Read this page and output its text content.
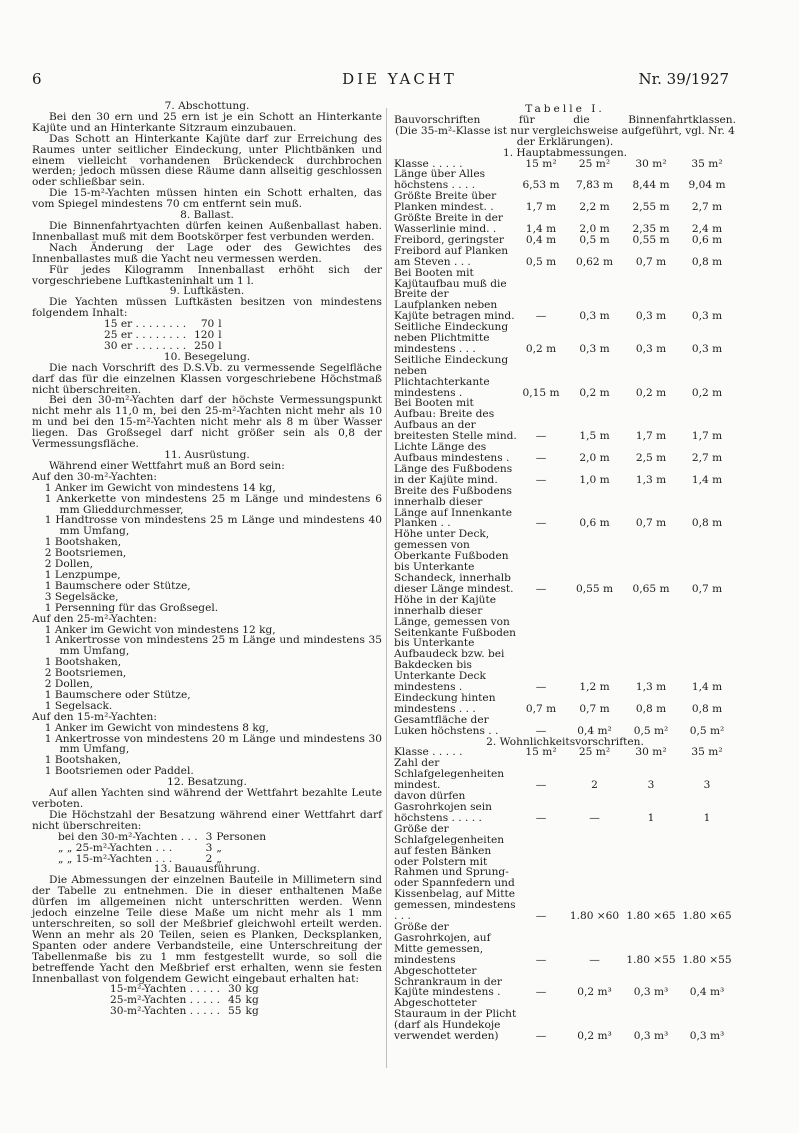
6	DIE YACHT	Nr. 39/1927

7. Abschottung.

Bei den 30 ern und 25 ern ist je ein Schott an Hinterkante Kajüte und an Hinterkante Sitzraum einzubauen.

Das Schott an Hinterkante Kajüte darf zur Erreichung des Raumes unter seitlicher Eindeckung, unter Plichtbänken und einem vielleicht vorhandenen Brückendeck durchbrochen werden; jedoch müssen diese Räume dann allseitig geschlossen oder schließbar sein.

Die 15-m²-Yachten müssen hinten ein Schott erhalten, das vom Spiegel mindestens 70 cm entfernt sein muß.

8. Ballast.

Die Binnenfahrtyachten dürfen keinen Außenballast haben. Innenballast muß mit dem Bootskörper fest verbunden werden.

Nach Änderung der Lage oder des Gewichtes des Innenballastes muß die Yacht neu vermessen werden.

Für jedes Kilogramm Innenballast erhöht sich der vorgeschriebene Luftkasteninhalt um 1 l.

9. Luftkästen.

Die Yachten müssen Luftkästen besitzen von mindestens folgendem Inhalt:

15 er . . . . . . . .	70	l
25 er . . . . . . . .	120	l
30 er . . . . . . . .	250	l

10. Besegelung.

Die nach Vorschrift des D.S.Vb. zu vermessende Segelfläche darf das für die einzelnen Klassen vorgeschriebene Höchstmaß nicht überschreiten.

Bei den 30-m²-Yachten darf der höchste Vermessungspunkt nicht mehr als 11,0 m, bei den 25-m²-Yachten nicht mehr als 10 m und bei den 15-m²-Yachten nicht mehr als 8 m über Wasser liegen. Das Großsegel darf nicht größer sein als 0,8 der Vermessungsfläche.

11. Ausrüstung.

Während einer Wettfahrt muß an Bord sein:

Auf den 30-m²-Yachten:

1 Anker im Gewicht von mindestens 14 kg,

1 Ankerkette von mindestens 25 m Länge und mindestens 6 mm Glieddurchmesser,

1 Handtrosse von mindestens 25 m Länge und mindestens 40 mm Umfang,

1 Bootshaken,

2 Bootsriemen,

2 Dollen,

1 Lenzpumpe,

1 Baumschere oder Stütze,

3 Segelsäcke,

1 Persenning für das Großsegel.

Auf den 25-m²-Yachten:

1 Anker im Gewicht von mindestens 12 kg,

1 Ankertrosse von mindestens 25 m Länge und mindestens 35 mm Umfang,

1 Bootshaken,

2 Bootsriemen,

2 Dollen,

1 Baumschere oder Stütze,

1 Segelsack.

Auf den 15-m²-Yachten:

1 Anker im Gewicht von mindestens 8 kg,

1 Ankertrosse von mindestens 20 m Länge und mindestens 30 mm Umfang,

1 Bootshaken,

1 Bootsriemen oder Paddel.

12. Besatzung.

Auf allen Yachten sind während der Wettfahrt bezahlte Leute verboten.

Die Höchstzahl der Besatzung während einer Wettfahrt darf nicht überschreiten:

bei den 30-m²-Yachten . . .	3	Personen
„ „ 25-m²-Yachten . . .	3	„
„ „ 15-m²-Yachten . . .	2	„

13. Bauausführung.

Die Abmessungen der einzelnen Bauteile in Millimetern sind der Tabelle zu entnehmen. Die in dieser enthaltenen Maße dürfen im allgemeinen nicht unterschritten werden. Wenn jedoch einzelne Teile diese Maße um nicht mehr als 1 mm unterschreiten, so soll der Meßbrief gleichwohl erteilt werden. Wenn an mehr als 20 Teilen, seien es Planken, Decksplanken, Spanten oder andere Verbandsteile, eine Unterschreitung der Tabellenmaße bis zu 1 mm festgestellt wurde, so soll die betreffende Yacht den Meßbrief erst erhalten, wenn sie festen Innenballast von folgendem Gewicht eingebaut erhalten hat:

15-m²-Yachten . . . . .	30	kg
25-m²-Yachten . . . . .	45	kg
30-m²-Yachten . . . . .	55	kg

Tabelle I.

Bauvorschriften für die Binnenfahrtklassen.

(Die 35-m²-Klasse ist nur vergleichsweise aufgeführt, vgl. Nr. 4 der Erklärungen).

1. Hauptabmessungen.

Klasse . . . . .	15 m²	25 m²	30 m²	35 m²
Länge über Alles höchstens . . . .	6,53 m	7,83 m	8,44 m	9,04 m
Größte Breite über Planken mindest. .	1,7 m	2,2 m	2,55 m	2,7 m
Größte Breite in der Wasserlinie mind. .	1,4 m	2,0 m	2,35 m	2,4 m
Freibord, geringster	0,4 m	0,5 m	0,55 m	0,6 m
Freibord auf Planken am Steven . . .	0,5 m	0,62 m	0,7 m	0,8 m
Bei Booten mit Kajütaufbau muß die Breite der Laufplanken neben Kajüte betragen mind.	—	0,3 m	0,3 m	0,3 m
Seitliche Eindeckung neben Plichtmitte mindestens . . .	0,2 m	0,3 m	0,3 m	0,3 m
Seitliche Eindeckung neben Plichtachterkante mindestens .	0,15 m	0,2 m	0,2 m	0,2 m
Bei Booten mit Aufbau: Breite des Aufbaus an der breitesten Stelle mind.	—	1,5 m	1,7 m	1,7 m
Lichte Länge des Aufbaus mindestens .	—	2,0 m	2,5 m	2,7 m
Länge des Fußbodens in der Kajüte mind.	—	1,0 m	1,3 m	1,4 m
Breite des Fußbodens innerhalb dieser Länge auf Innenkante Planken . .	—	0,6 m	0,7 m	0,8 m
Höhe unter Deck, gemessen von Oberkante Fußboden bis Unterkante Schandeck, innerhalb dieser Länge mindest.	—	0,55 m	0,65 m	0,7 m
Höhe in der Kajüte innerhalb dieser Länge, gemessen von Seitenkante Fußboden bis Unterkante Aufbaudeck bzw. bei Bakdecken bis Unterkante Deck mindestens .	—	1,2 m	1,3 m	1,4 m
Eindeckung hinten mindestens . . .	0,7 m	0,7 m	0,8 m	0,8 m
Gesamtfläche der Luken höchstens . .	—	0,4 m²	0,5 m²	0,5 m²

2. Wohnlichkeitsvorschriften.

Klasse . . . . .	15 m²	25 m²	30 m²	35 m²
Zahl der Schlafgelegenheiten mindest.	—	2	3	3
davon dürfen Gasrohrkojen sein höchstens . . . . .	—	—	1	1
Größe der Schlafgelegenheiten auf festen Bänken oder Polstern mit Rahmen und Sprung- oder Spannfedern und Kissenbelag, auf Mitte gemessen, mindestens . . .	—	1.80 ×60	1.80 ×65	1.80 ×65
Größe der Gasrohrkojen, auf Mitte gemessen, mindestens	—	—	1.80 ×55	1.80 ×55
Abgeschotteter Schrankraum in der Kajüte mindestens .	—	0,2 m³	0,3 m³	0,4 m³
Abgeschotteter Stauraum in der Plicht (darf als Hundekoje verwendet werden)	—	0,2 m³	0,3 m³	0,3 m³
